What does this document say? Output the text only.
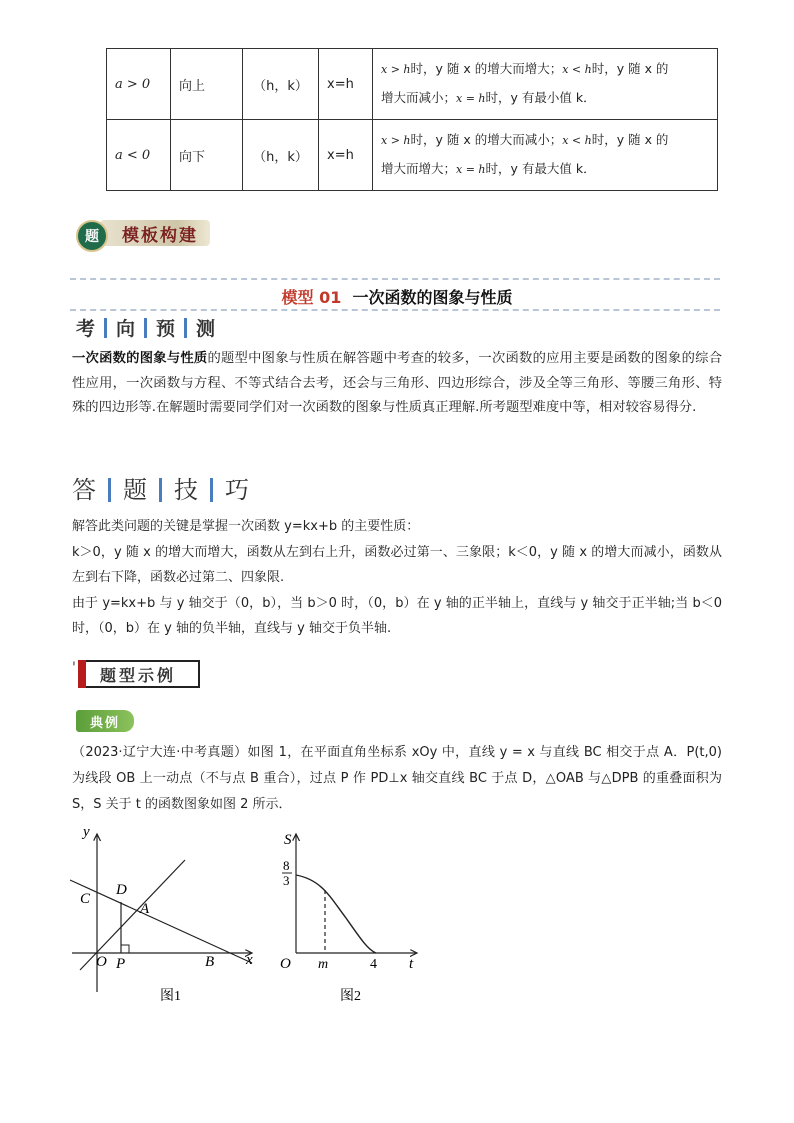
a > 0	向上	（h，k）	x=h	x > h时，y 随 x 的增大而增大；x < h时，y 随 x 的
增大而减小；x = h时，y 有最小值 k．

a < 0	向下	（h，k）	x=h	x > h时，y 随 x 的增大而减小；x < h时，y 随 x 的
增大而增大；x = h时，y 有最大值 k．
模板构建
题
模型 01 一次函数的图象与性质
考 向 预 测
一次函数的图象与性质的题型中图象与性质在解答题中考查的较多，一次函数的应用主要是函数的图象的综合性应用，一次函数与方程、不等式结合去考，还会与三角形、四边形综合，涉及全等三角形、等腰三角形、特殊的四边形等.在解题时需要同学们对一次函数的图象与性质真正理解.所考题型难度中等，相对较容易得分.
答 题 技 巧
解答此类问题的关键是掌握一次函数 y=kx+b 的主要性质：
k＞0，y 随 x 的增大而增大，函数从左到右上升，函数必过第一、三象限；k＜0，y 随 x 的增大而减小，函数从左到右下降，函数必过第二、四象限.
由于 y=kx+b 与 y 轴交于（0，b），当 b＞0 时，（0，b）在 y 轴的正半轴上，直线与 y 轴交于正半轴;当 b＜0 时，（0，b）在 y 轴的负半轴，直线与 y 轴交于负半轴.
' 题型示例
典例
（2023·辽宁大连·中考真题）如图 1，在平面直角坐标系 xOy 中，直线 y = x 与直线 BC 相交于点 A．P(t,0) 为线段 OB 上一动点（不与点 B 重合），过点 P 作 PD⊥x 轴交直线 BC 于点 D，△OAB 与△DPB 的重叠面积为 S，S 关于 t 的函数图象如图 2 所示．
y
x
O P	B
C
D
A
图1
S
t
O m	4
8
3
图2
